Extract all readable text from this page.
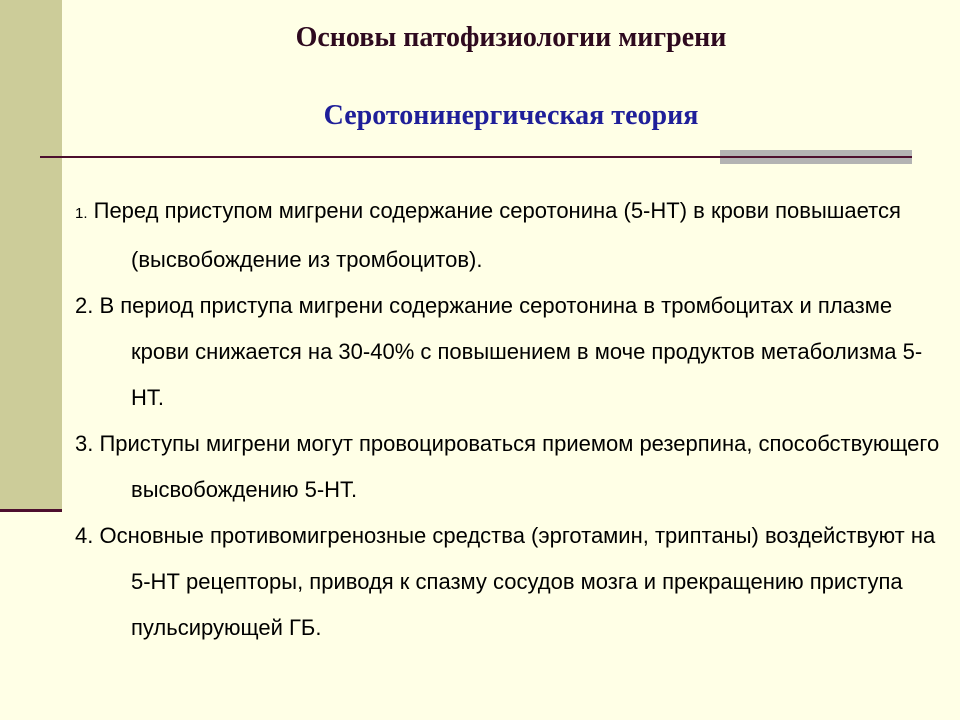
Основы патофизиологии мигрени
Серотонинергическая теория
1. Перед приступом мигрени содержание серотонина (5-НТ) в крови повышается (высвобождение из тромбоцитов).
2. В период приступа мигрени содержание серотонина в тромбоцитах и плазме крови снижается на 30-40% с повышением в моче продуктов метаболизма 5-НТ.
3. Приступы мигрени могут провоцироваться приемом резерпина, способствующего высвобождению 5-НТ.
4. Основные противомигренозные средства (эрготамин, триптаны) воздействуют на 5-НТ рецепторы, приводя к спазму сосудов мозга и прекращению приступа пульсирующей ГБ.
